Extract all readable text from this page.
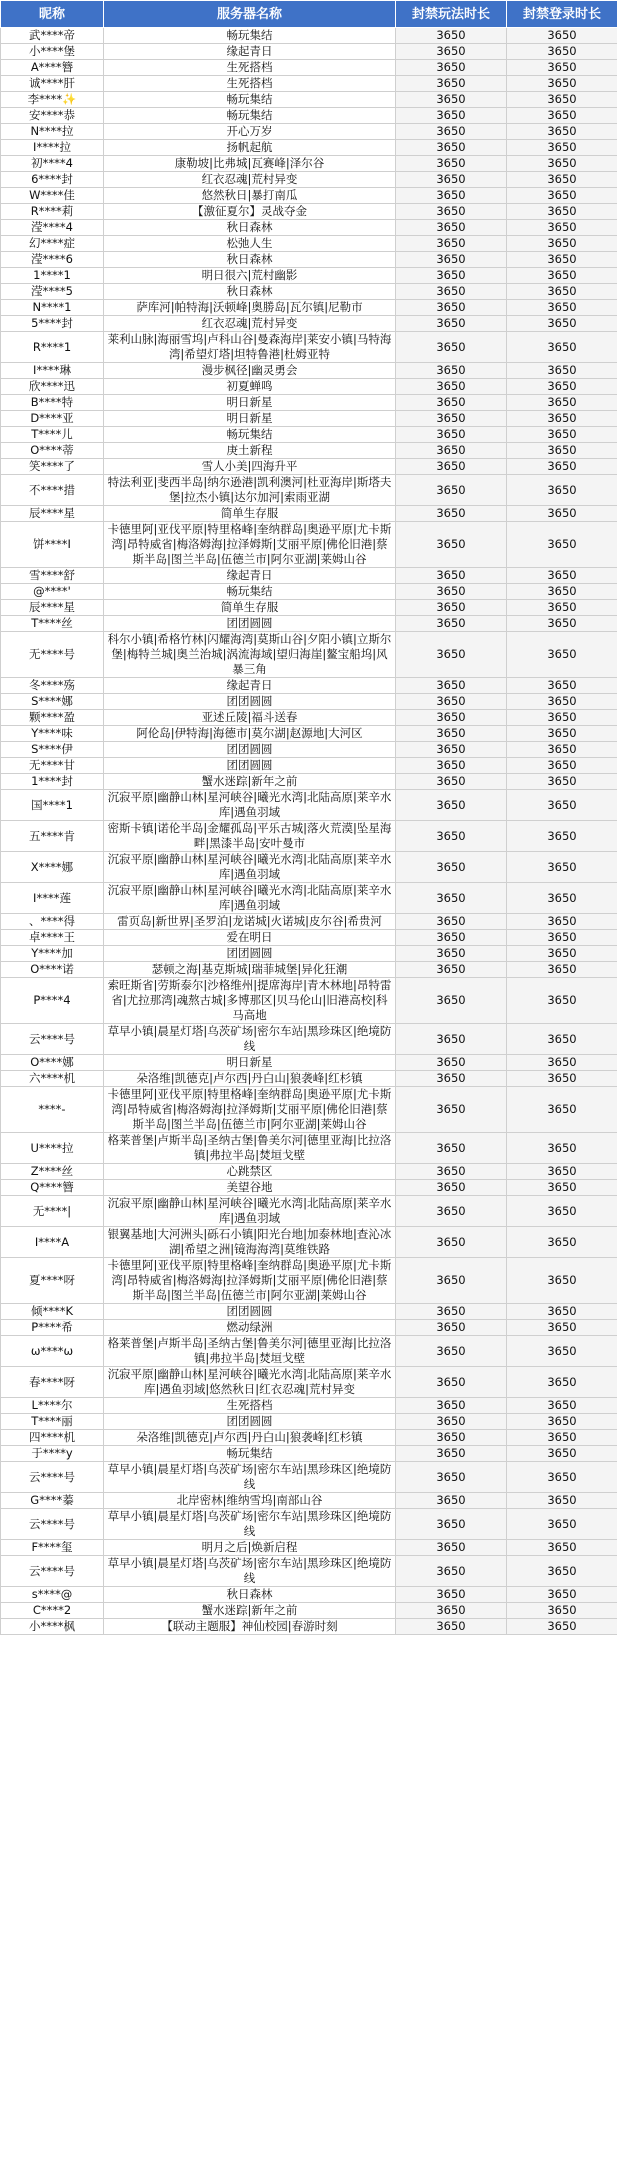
昵称	服务器名称	封禁玩法时长	封禁登录时长
武****帝	畅玩集结	3650	3650
小****堡	缘起青日	3650	3650
A****簪	生死搭档	3650	3650
诚****肝	生死搭档	3650	3650
李****✨	畅玩集结	3650	3650
安****恭	畅玩集结	3650	3650
N****拉	开心万岁	3650	3650
I****拉	扬帆起航	3650	3650
初****4	康勒坡|比弗城|瓦赛峰|泽尔谷	3650	3650
6****封	红衣忍魂|荒村异变	3650	3650
W****佳	悠然秋日|暴打南瓜	3650	3650
R****莉	【激征夏尔】灵战夺金	3650	3650
滢****4	秋日森林	3650	3650
幻****症	松弛人生	3650	3650
滢****6	秋日森林	3650	3650
1****1	明日很六|荒村幽影	3650	3650
滢****5	秋日森林	3650	3650
N****1	萨库河|帕特海|沃顿峰|奥勝岛|瓦尔镇|尼勒市	3650	3650
5****封	红衣忍魂|荒村异变	3650	3650
R****1	莱利山脉|海丽雪坞|卢科山谷|曼森海岸|莱安小镇|马特海湾|希望灯塔|坦特鲁港|杜姆亚特	3650	3650
I****琳	漫步枫径|幽灵勇会	3650	3650
欣****迅	初夏蝉鸣	3650	3650
B****特	明日新星	3650	3650
D****亚	明日新星	3650	3650
T****儿	畅玩集结	3650	3650
O****蒂	庚土新程	3650	3650
笑****了	雪人小美|四海升平	3650	3650
不****措	特法利亚|斐西半岛|纳尔逊港|凯利澳河|杜亚海岸|斯塔夫堡|拉杰小镇|达尔加河|索雨亚湖	3650	3650
辰****星	简单生存服	3650	3650
饼****I	卡德里阿|亚伐平原|特里格峰|奎纳群岛|奥逊平原|尤卡斯湾|昂特威省|梅洛姆海|拉泽姆斯|艾丽平原|佛伦旧港|蔡斯半岛|图兰半岛|伍德兰市|阿尔亚湖|莱姆山谷	3650	3650
雪****舒	缘起青日	3650	3650
@****'	畅玩集结	3650	3650
辰****星	简单生存服	3650	3650
T****丝	团团圆圆	3650	3650
无****号	科尔小镇|希格竹林|闪耀海湾|莫斯山谷|夕阳小镇|立斯尔堡|梅特兰城|奥兰治城|涡流海域|望归海崖|鳌宝船坞|风暴三角	3650	3650
冬****殇	缘起青日	3650	3650
S****娜	团团圆圆	3650	3650
颗****盈	亚述丘陵|福斗送春	3650	3650
Y****味	阿伦岛|伊特海|海德市|莫尔湖|赵源地|大河区	3650	3650
S****伊	团团圆圆	3650	3650
无****甘	团团圆圆	3650	3650
1****封	蟹水迷踪|新年之前	3650	3650
国****1	沉寂平原|幽静山林|星河峡谷|曦光水湾|北陆高原|莱辛水库|遇鱼羽域	3650	3650
五****肯	密斯卡镇|诺伦半岛|金耀孤岛|平乐古城|落火荒漠|坠星海畔|黑漆半岛|安叶曼市	3650	3650
X****娜	沉寂平原|幽静山林|星河峡谷|曦光水湾|北陆高原|莱辛水库|遇鱼羽域	3650	3650
I****莲	沉寂平原|幽静山林|星河峡谷|曦光水湾|北陆高原|莱辛水库|遇鱼羽域	3650	3650
、****得	雷页岛|新世界|圣罗泊|龙诺城|火诺城|皮尔谷|希贵河	3650	3650
卓****王	爱在明日	3650	3650
Y****加	团团圆圆	3650	3650
O****诺	瑟顿之海|基克斯城|瑞菲城堡|异化狂潮	3650	3650
P****4	索旺斯省|劳斯泰尔|沙格维州|提席海岸|青木林地|昂特雷省|尤拉那湾|魂熬古城|多博那区|贝马伦山|旧港高校|科马高地	3650	3650
云****号	草早小镇|晨星灯塔|乌茨矿场|密尔车站|黑珍珠区|绝境防线	3650	3650
O****娜	明日新星	3650	3650
六****机	朵洛维|凯德克|卢尔西|丹白山|狼袭峰|红杉镇	3650	3650
****-	卡德里阿|亚伐平原|特里格峰|奎纳群岛|奥逊平原|尤卡斯湾|昂特威省|梅洛姆海|拉泽姆斯|艾丽平原|佛伦旧港|蔡斯半岛|图兰半岛|伍德兰市|阿尔亚湖|莱姆山谷	3650	3650
U****拉	格莱普堡|卢斯半岛|圣纳古堡|鲁美尔河|德里亚海|比拉洛镇|弗拉半岛|焚垣戈壁	3650	3650
Z****丝	心跳禁区	3650	3650
Q****簪	美望谷地	3650	3650
无****|	沉寂平原|幽静山林|星河峡谷|曦光水湾|北陆高原|莱辛水库|遇鱼羽域	3650	3650
I****A	银翼基地|大河洲头|砾石小镇|阳光台地|加泰林地|查沁冰湖|希望之洲|镜海海湾|莫维铁路	3650	3650
夏****呀	卡德里阿|亚伐平原|特里格峰|奎纳群岛|奥逊平原|尤卡斯湾|昂特威省|梅洛姆海|拉泽姆斯|艾丽平原|佛伦旧港|蔡斯半岛|图兰半岛|伍德兰市|阿尔亚湖|莱姆山谷	3650	3650
倾****K	团团圆圆	3650	3650
P****希	燃动绿洲	3650	3650
ω****ω	格莱普堡|卢斯半岛|圣纳古堡|鲁美尔河|德里亚海|比拉洛镇|弗拉半岛|焚垣戈壁	3650	3650
春****呀	沉寂平原|幽静山林|星河峡谷|曦光水湾|北陆高原|莱辛水库|遇鱼羽域|悠然秋日|红衣忍魂|荒村异变	3650	3650
L****尔	生死搭档	3650	3650
T****丽	团团圆圆	3650	3650
四****机	朵洛维|凯德克|卢尔西|丹白山|狼袭峰|红杉镇	3650	3650
于****y	畅玩集结	3650	3650
云****号	草早小镇|晨星灯塔|乌茨矿场|密尔车站|黑珍珠区|绝境防线	3650	3650
G****蓁	北岸密林|维纳雪坞|南部山谷	3650	3650
云****号	草早小镇|晨星灯塔|乌茨矿场|密尔车站|黑珍珠区|绝境防线	3650	3650
F****玺	明月之后|焕新启程	3650	3650
云****号	草早小镇|晨星灯塔|乌茨矿场|密尔车站|黑珍珠区|绝境防线	3650	3650
s****@	秋日森林	3650	3650
C****2	蟹水迷踪|新年之前	3650	3650
小****枫	【联动主题服】神仙校园|春游时刻	3650	3650
